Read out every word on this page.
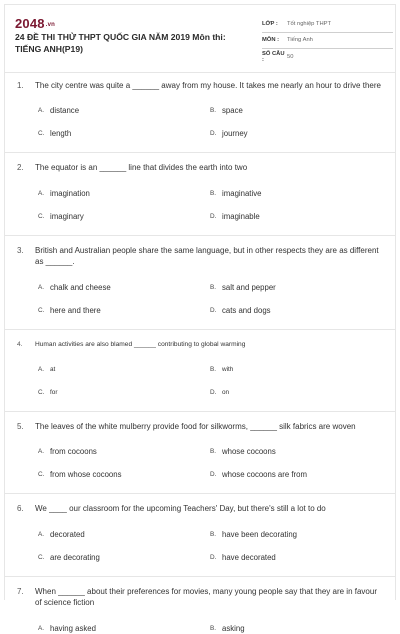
$2048^{.vn}$
24 ĐỀ THI THỬ THPT QUỐC GIA NĂM 2019 Môn thi: TIẾNG ANH(P19)
LỚP :	Tốt nghiệp THPT
MÔN :	Tiếng Anh
SỐ CÂU :	50
1.	The city centre was quite a ______ away from my house. It takes me nearly an hour to drive there
A. distance	B. space
C. length	D. journey
2.	The equator is an ______ line that divides the earth into two
A. imagination	B. imaginative
C. imaginary	D. imaginable
3.	British and Australian people share the same language, but in other respects they are as different as ______.
A. chalk and cheese	B. salt and pepper
C. here and there	D. cats and dogs
4.	Human activities are also blamed ______ contributing to global warming
A. at	B. with
C. for	D. on
5.	The leaves of the white mulberry provide food for silkworms, ______ silk fabrics are woven
A. from cocoons	B. whose cocoons
C. from whose cocoons	D. whose cocoons are from
6.	We ____ our classroom for the upcoming Teachers' Day, but there's still a lot to do
A. decorated	B. have been decorating
C. are decorating	D. have decorated
7.	When ______ about their preferences for movies, many young people say that they are in favour of science fiction
A. having asked	B. asking
